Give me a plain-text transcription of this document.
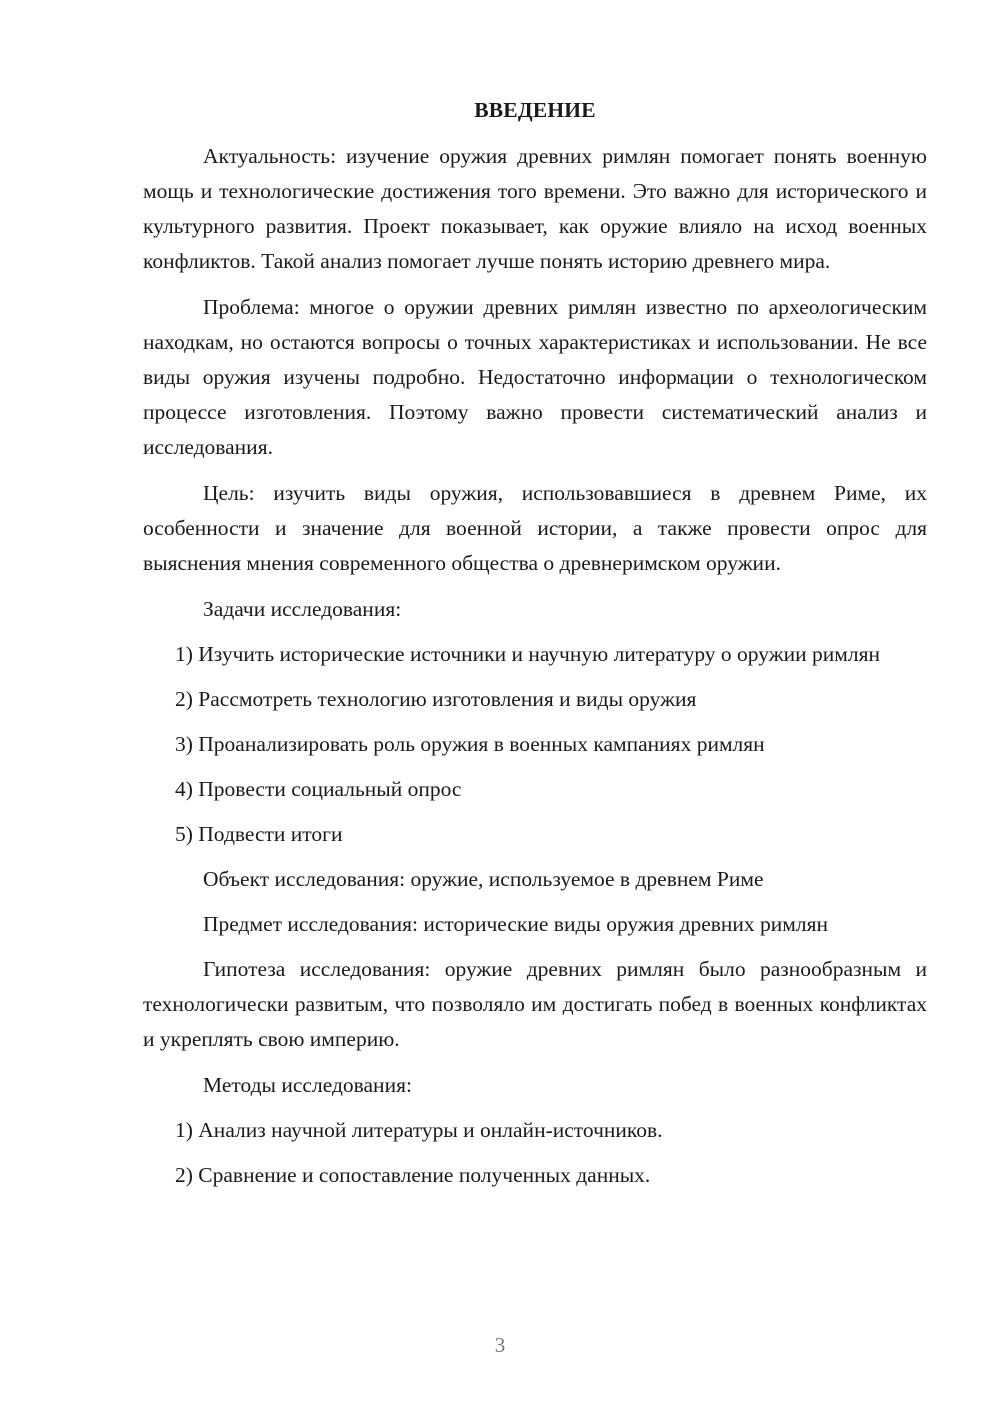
ВВЕДЕНИЕ

Актуальность: изучение оружия древних римлян помогает понять военную мощь и технологические достижения того времени. Это важно для исторического и культурного развития. Проект показывает, как оружие влияло на исход военных конфликтов. Такой анализ помогает лучше понять историю древнего мира.

Проблема: многое о оружии древних римлян известно по археологическим находкам, но остаются вопросы о точных характеристиках и использовании. Не все виды оружия изучены подробно. Недостаточно информации о технологическом процессе изготовления. Поэтому важно провести систематический анализ и исследования.

Цель: изучить виды оружия, использовавшиеся в древнем Риме, их особенности и значение для военной истории, а также провести опрос для выяснения мнения современного общества о древнеримском оружии.

Задачи исследования:
1) Изучить исторические источники и научную литературу о оружии римлян
2) Рассмотреть технологию изготовления и виды оружия
3) Проанализировать роль оружия в военных кампаниях римлян
4) Провести социальный опрос
5) Подвести итоги
Объект исследования: оружие, используемое в древнем Риме
Предмет исследования: исторические виды оружия древних римлян

Гипотеза исследования: оружие древних римлян было разнообразным и технологически развитым, что позволяло им достигать побед в военных конфликтах и укреплять свою империю.

Методы исследования:
1) Анализ научной литературы и онлайн-источников.
2) Сравнение и сопоставление полученных данных.
3
